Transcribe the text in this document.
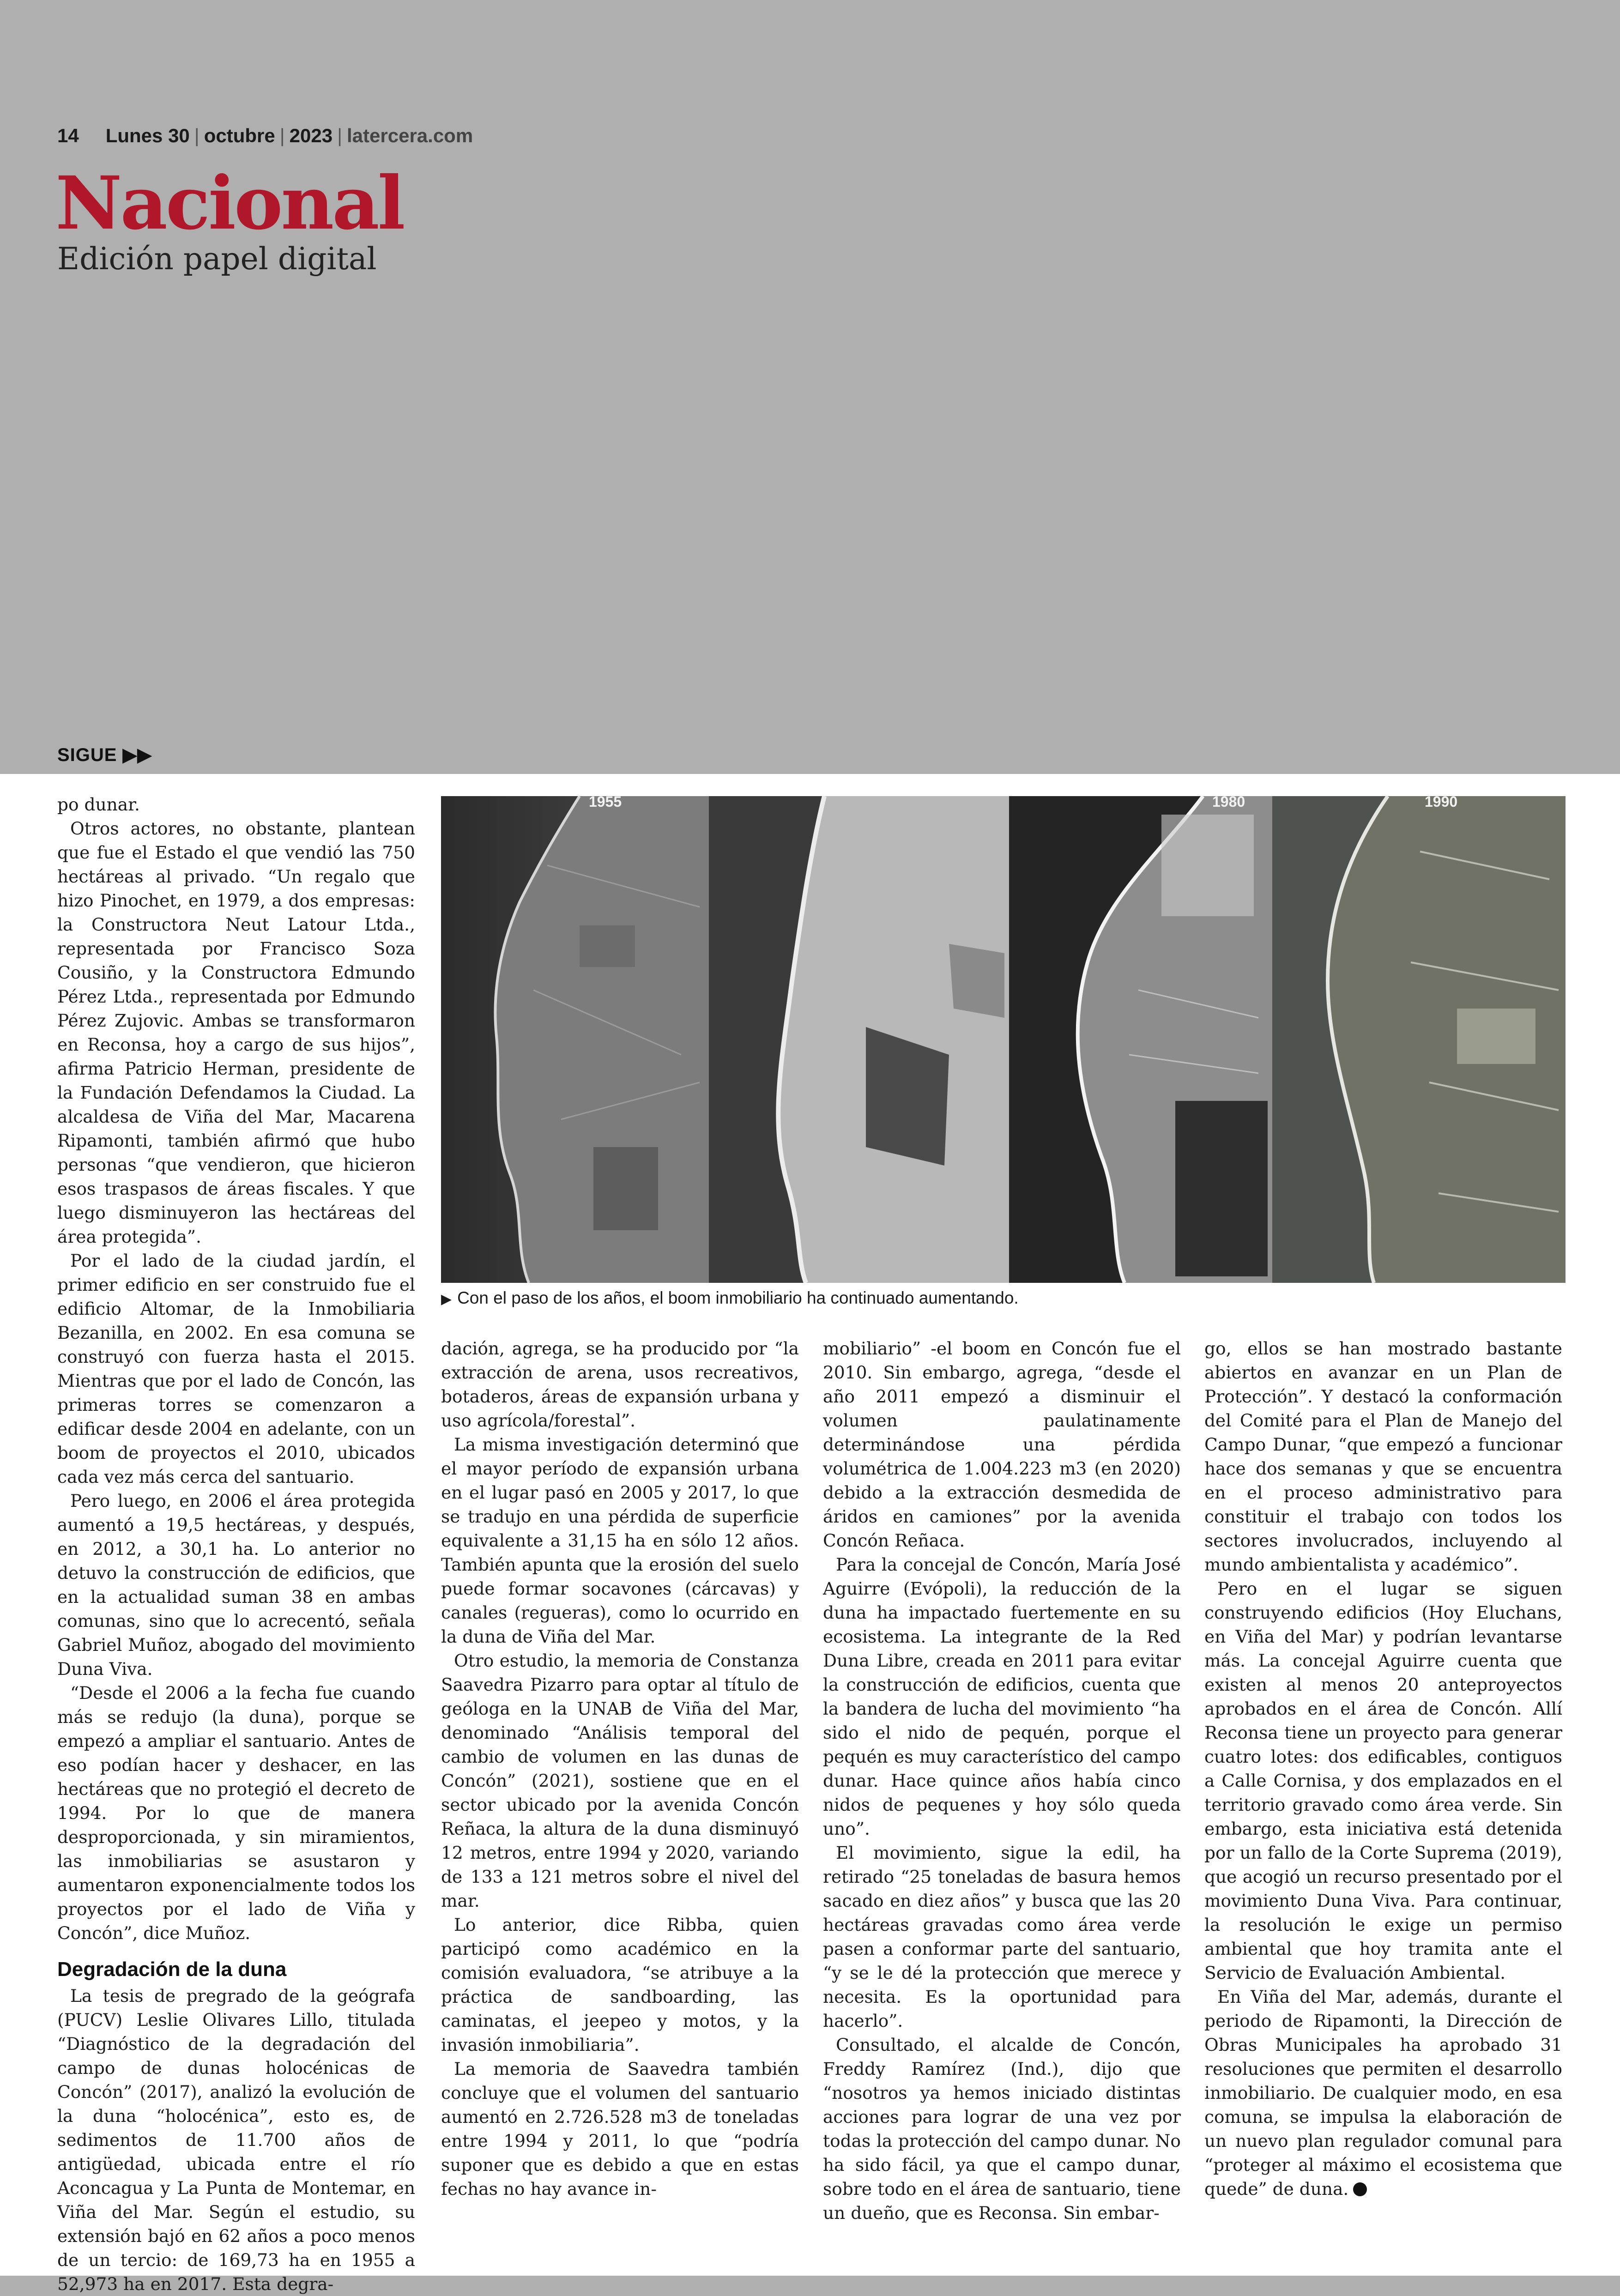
14 Lunes 30 | octubre | 2023 | latercera.com
Nacional
Edición papel digital
SIGUE ▶▶

po dunar.

Otros actores, no obstante, plantean que fue el Estado el que vendió las 750 hectáreas al privado. “Un regalo que hizo Pinochet, en 1979, a dos empresas: la Constructora Neut Latour Ltda., representada por Francisco Soza Cousiño, y la Constructora Edmundo Pérez Ltda., representada por Edmundo Pérez Zujovic. Ambas se transformaron en Reconsa, hoy a cargo de sus hijos”, afirma Patricio Herman, presidente de la Fundación Defendamos la Ciudad. La alcaldesa de Viña del Mar, Macarena Ripamonti, también afirmó que hubo personas “que vendieron, que hicieron esos traspasos de áreas fiscales. Y que luego disminuyeron las hectáreas del área protegida”.

Por el lado de la ciudad jardín, el primer edificio en ser construido fue el edificio Altomar, de la Inmobiliaria Bezanilla, en 2002. En esa comuna se construyó con fuerza hasta el 2015. Mientras que por el lado de Concón, las primeras torres se comenzaron a edificar desde 2004 en adelante, con un boom de proyectos el 2010, ubicados cada vez más cerca del santuario.

Pero luego, en 2006 el área protegida aumentó a 19,5 hectáreas, y después, en 2012, a 30,1 ha. Lo anterior no detuvo la construcción de edificios, que en la actualidad suman 38 en ambas comunas, sino que lo acrecentó, señala Gabriel Muñoz, abogado del movimiento Duna Viva.

“Desde el 2006 a la fecha fue cuando más se redujo (la duna), porque se empezó a ampliar el santuario. Antes de eso podían hacer y deshacer, en las hectáreas que no protegió el decreto de 1994. Por lo que de manera desproporcionada, y sin miramientos, las inmobiliarias se asustaron y aumentaron exponencialmente todos los proyectos por el lado de Viña y Concón”, dice Muñoz.

Degradación de la duna

La tesis de pregrado de la geógrafa (PUCV) Leslie Olivares Lillo, titulada “Diagnóstico de la degradación del campo de dunas holocénicas de Concón” (2017), analizó la evolución de la duna “holocénica”, esto es, de sedimentos de 11.700 años de antigüedad, ubicada entre el río Aconcagua y La Punta de Montemar, en Viña del Mar. Según el estudio, su extensión bajó en 62 años a poco menos de un tercio: de 169,73 ha en 1955 a 52,973 ha en 2017. Esta degra-

1955	1980	1990
▶ Con el paso de los años, el boom inmobiliario ha continuado aumentando.

dación, agrega, se ha producido por “la extracción de arena, usos recreativos, botaderos, áreas de expansión urbana y uso agrícola/forestal”.

La misma investigación determinó que el mayor período de expansión urbana en el lugar pasó en 2005 y 2017, lo que se tradujo en una pérdida de superficie equivalente a 31,15 ha en sólo 12 años. También apunta que la erosión del suelo puede formar socavones (cárcavas) y canales (regueras), como lo ocurrido en la duna de Viña del Mar.

Otro estudio, la memoria de Constanza Saavedra Pizarro para optar al título de geóloga en la UNAB de Viña del Mar, denominado “Análisis temporal del cambio de volumen en las dunas de Concón” (2021), sostiene que en el sector ubicado por la avenida Concón Reñaca, la altura de la duna disminuyó 12 metros, entre 1994 y 2020, variando de 133 a 121 metros sobre el nivel del mar.

Lo anterior, dice Ribba, quien participó como académico en la comisión evaluadora, “se atribuye a la práctica de sandboarding, las caminatas, el jeepeo y motos, y la invasión inmobiliaria”.

La memoria de Saavedra también concluye que el volumen del santuario aumentó en 2.726.528 m3 de toneladas entre 1994 y 2011, lo que “podría suponer que es debido a que en estas fechas no hay avance in-

mobiliario” -el boom en Concón fue el 2010. Sin embargo, agrega, “desde el año 2011 empezó a disminuir el volumen paulatinamente determinándose una pérdida volumétrica de 1.004.223 m3 (en 2020) debido a la extracción desmedida de áridos en camiones” por la avenida Concón Reñaca.

Para la concejal de Concón, María José Aguirre (Evópoli), la reducción de la duna ha impactado fuertemente en su ecosistema. La integrante de la Red Duna Libre, creada en 2011 para evitar la construcción de edificios, cuenta que la bandera de lucha del movimiento “ha sido el nido de pequén, porque el pequén es muy característico del campo dunar. Hace quince años había cinco nidos de pequenes y hoy sólo queda uno”.

El movimiento, sigue la edil, ha retirado “25 toneladas de basura hemos sacado en diez años” y busca que las 20 hectáreas gravadas como área verde pasen a conformar parte del santuario, “y se le dé la protección que merece y necesita. Es la oportunidad para hacerlo”.

Consultado, el alcalde de Concón, Freddy Ramírez (Ind.), dijo que “nosotros ya hemos iniciado distintas acciones para lograr de una vez por todas la protección del campo dunar. No ha sido fácil, ya que el campo dunar, sobre todo en el área de santuario, tiene un dueño, que es Reconsa. Sin embar-

go, ellos se han mostrado bastante abiertos en avanzar en un Plan de Protección”. Y destacó la conformación del Comité para el Plan de Manejo del Campo Dunar, “que empezó a funcionar hace dos semanas y que se encuentra en el proceso administrativo para constituir el trabajo con todos los sectores involucrados, incluyendo al mundo ambientalista y académico”.

Pero en el lugar se siguen construyendo edificios (Hoy Eluchans, en Viña del Mar) y podrían levantarse más. La concejal Aguirre cuenta que existen al menos 20 anteproyectos aprobados en el área de Concón. Allí Reconsa tiene un proyecto para generar cuatro lotes: dos edificables, contiguos a Calle Cornisa, y dos emplazados en el territorio gravado como área verde. Sin embargo, esta iniciativa está detenida por un fallo de la Corte Suprema (2019), que acogió un recurso presentado por el movimiento Duna Viva. Para continuar, la resolución le exige un permiso ambiental que hoy tramita ante el Servicio de Evaluación Ambiental.

En Viña del Mar, además, durante el periodo de Ripamonti, la Dirección de Obras Municipales ha aprobado 31 resoluciones que permiten el desarrollo inmobiliario. De cualquier modo, en esa comuna, se impulsa la elaboración de un nuevo plan regulador comunal para “proteger al máximo el ecosistema que quede” de duna.
